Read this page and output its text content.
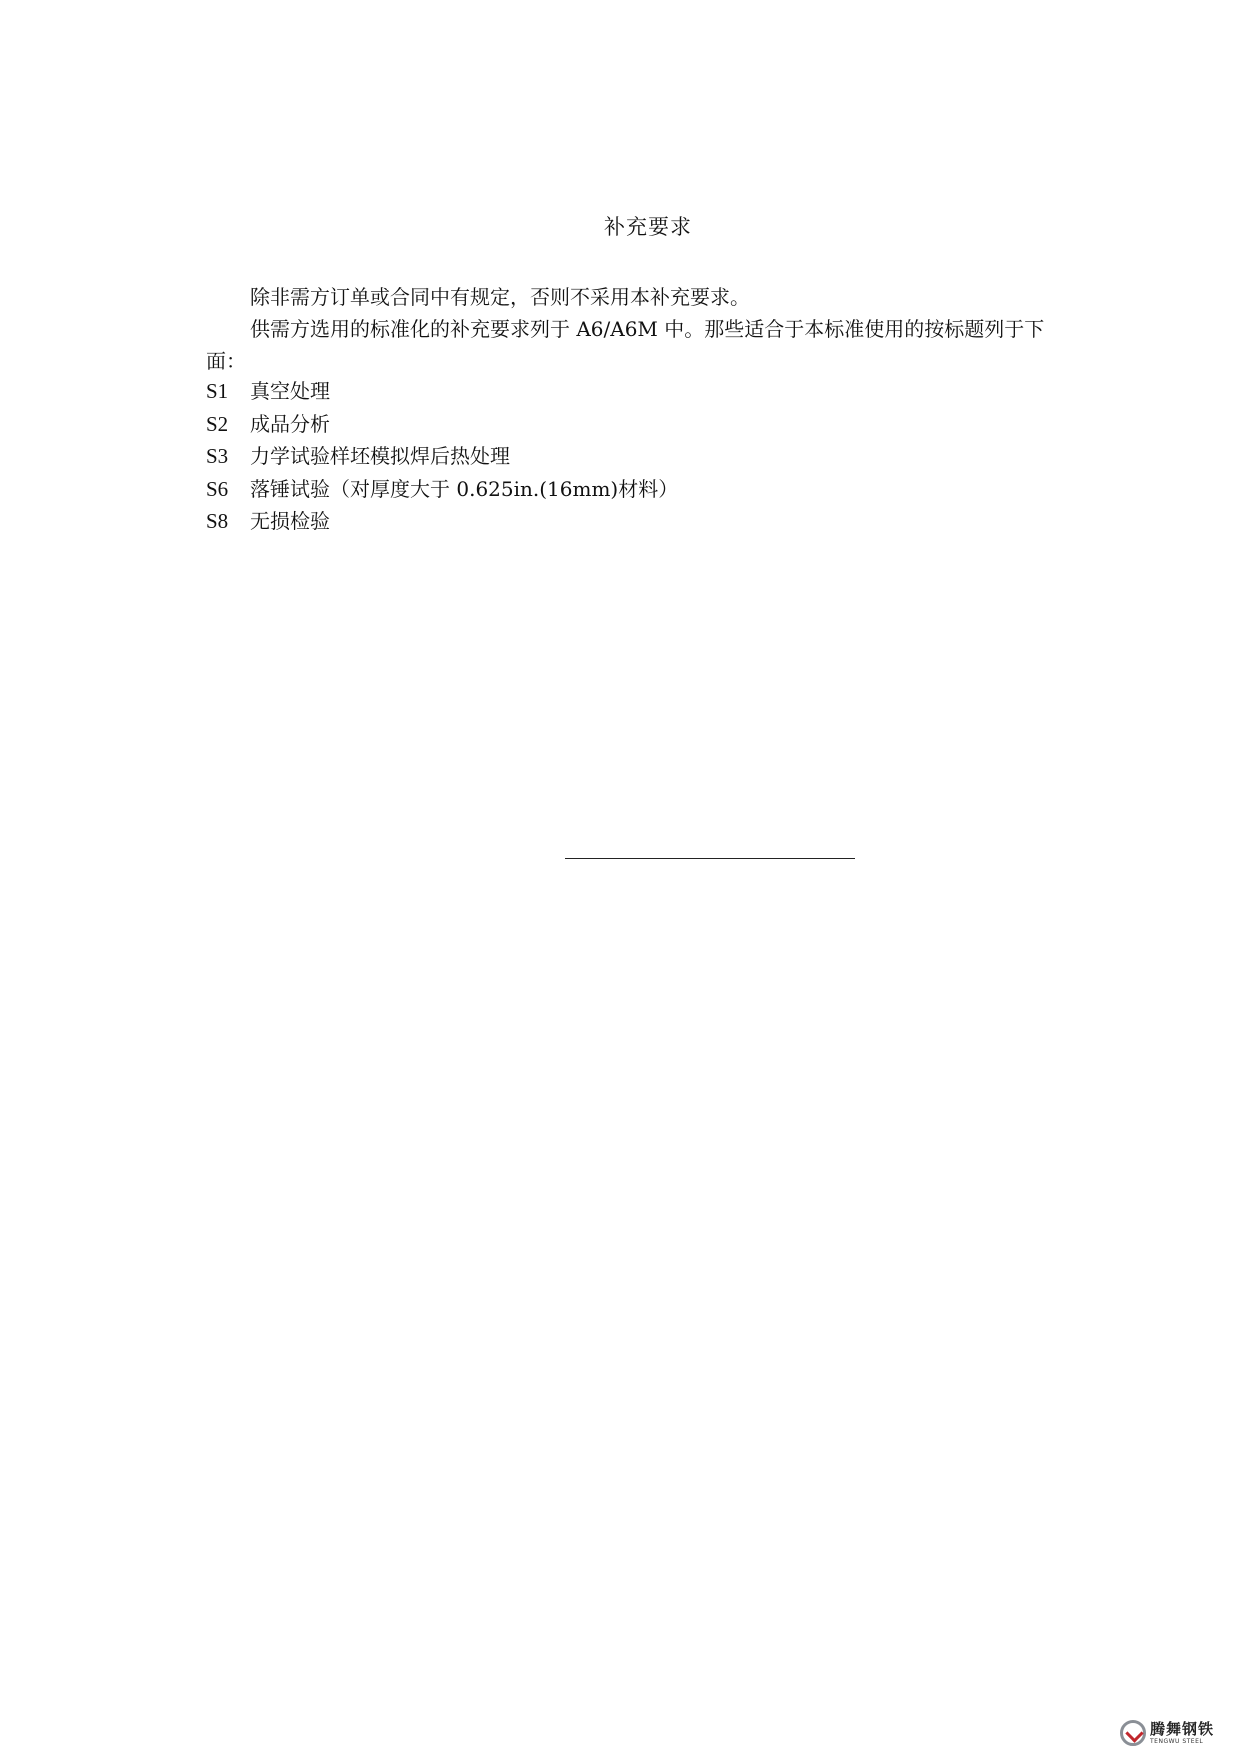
补充要求
除非需方订单或合同中有规定，否则不采用本补充要求。
供需方选用的标准化的补充要求列于 A6/A6M 中。那些适合于本标准使用的按标题列于下
面：
S1 真空处理
S2 成品分析
S3 力学试验样坯模拟焊后热处理
S6 落锤试验（对厚度大于 0.625in.(16mm)材料）
S8 无损检验
腾舞钢铁
TENGWU STEEL
